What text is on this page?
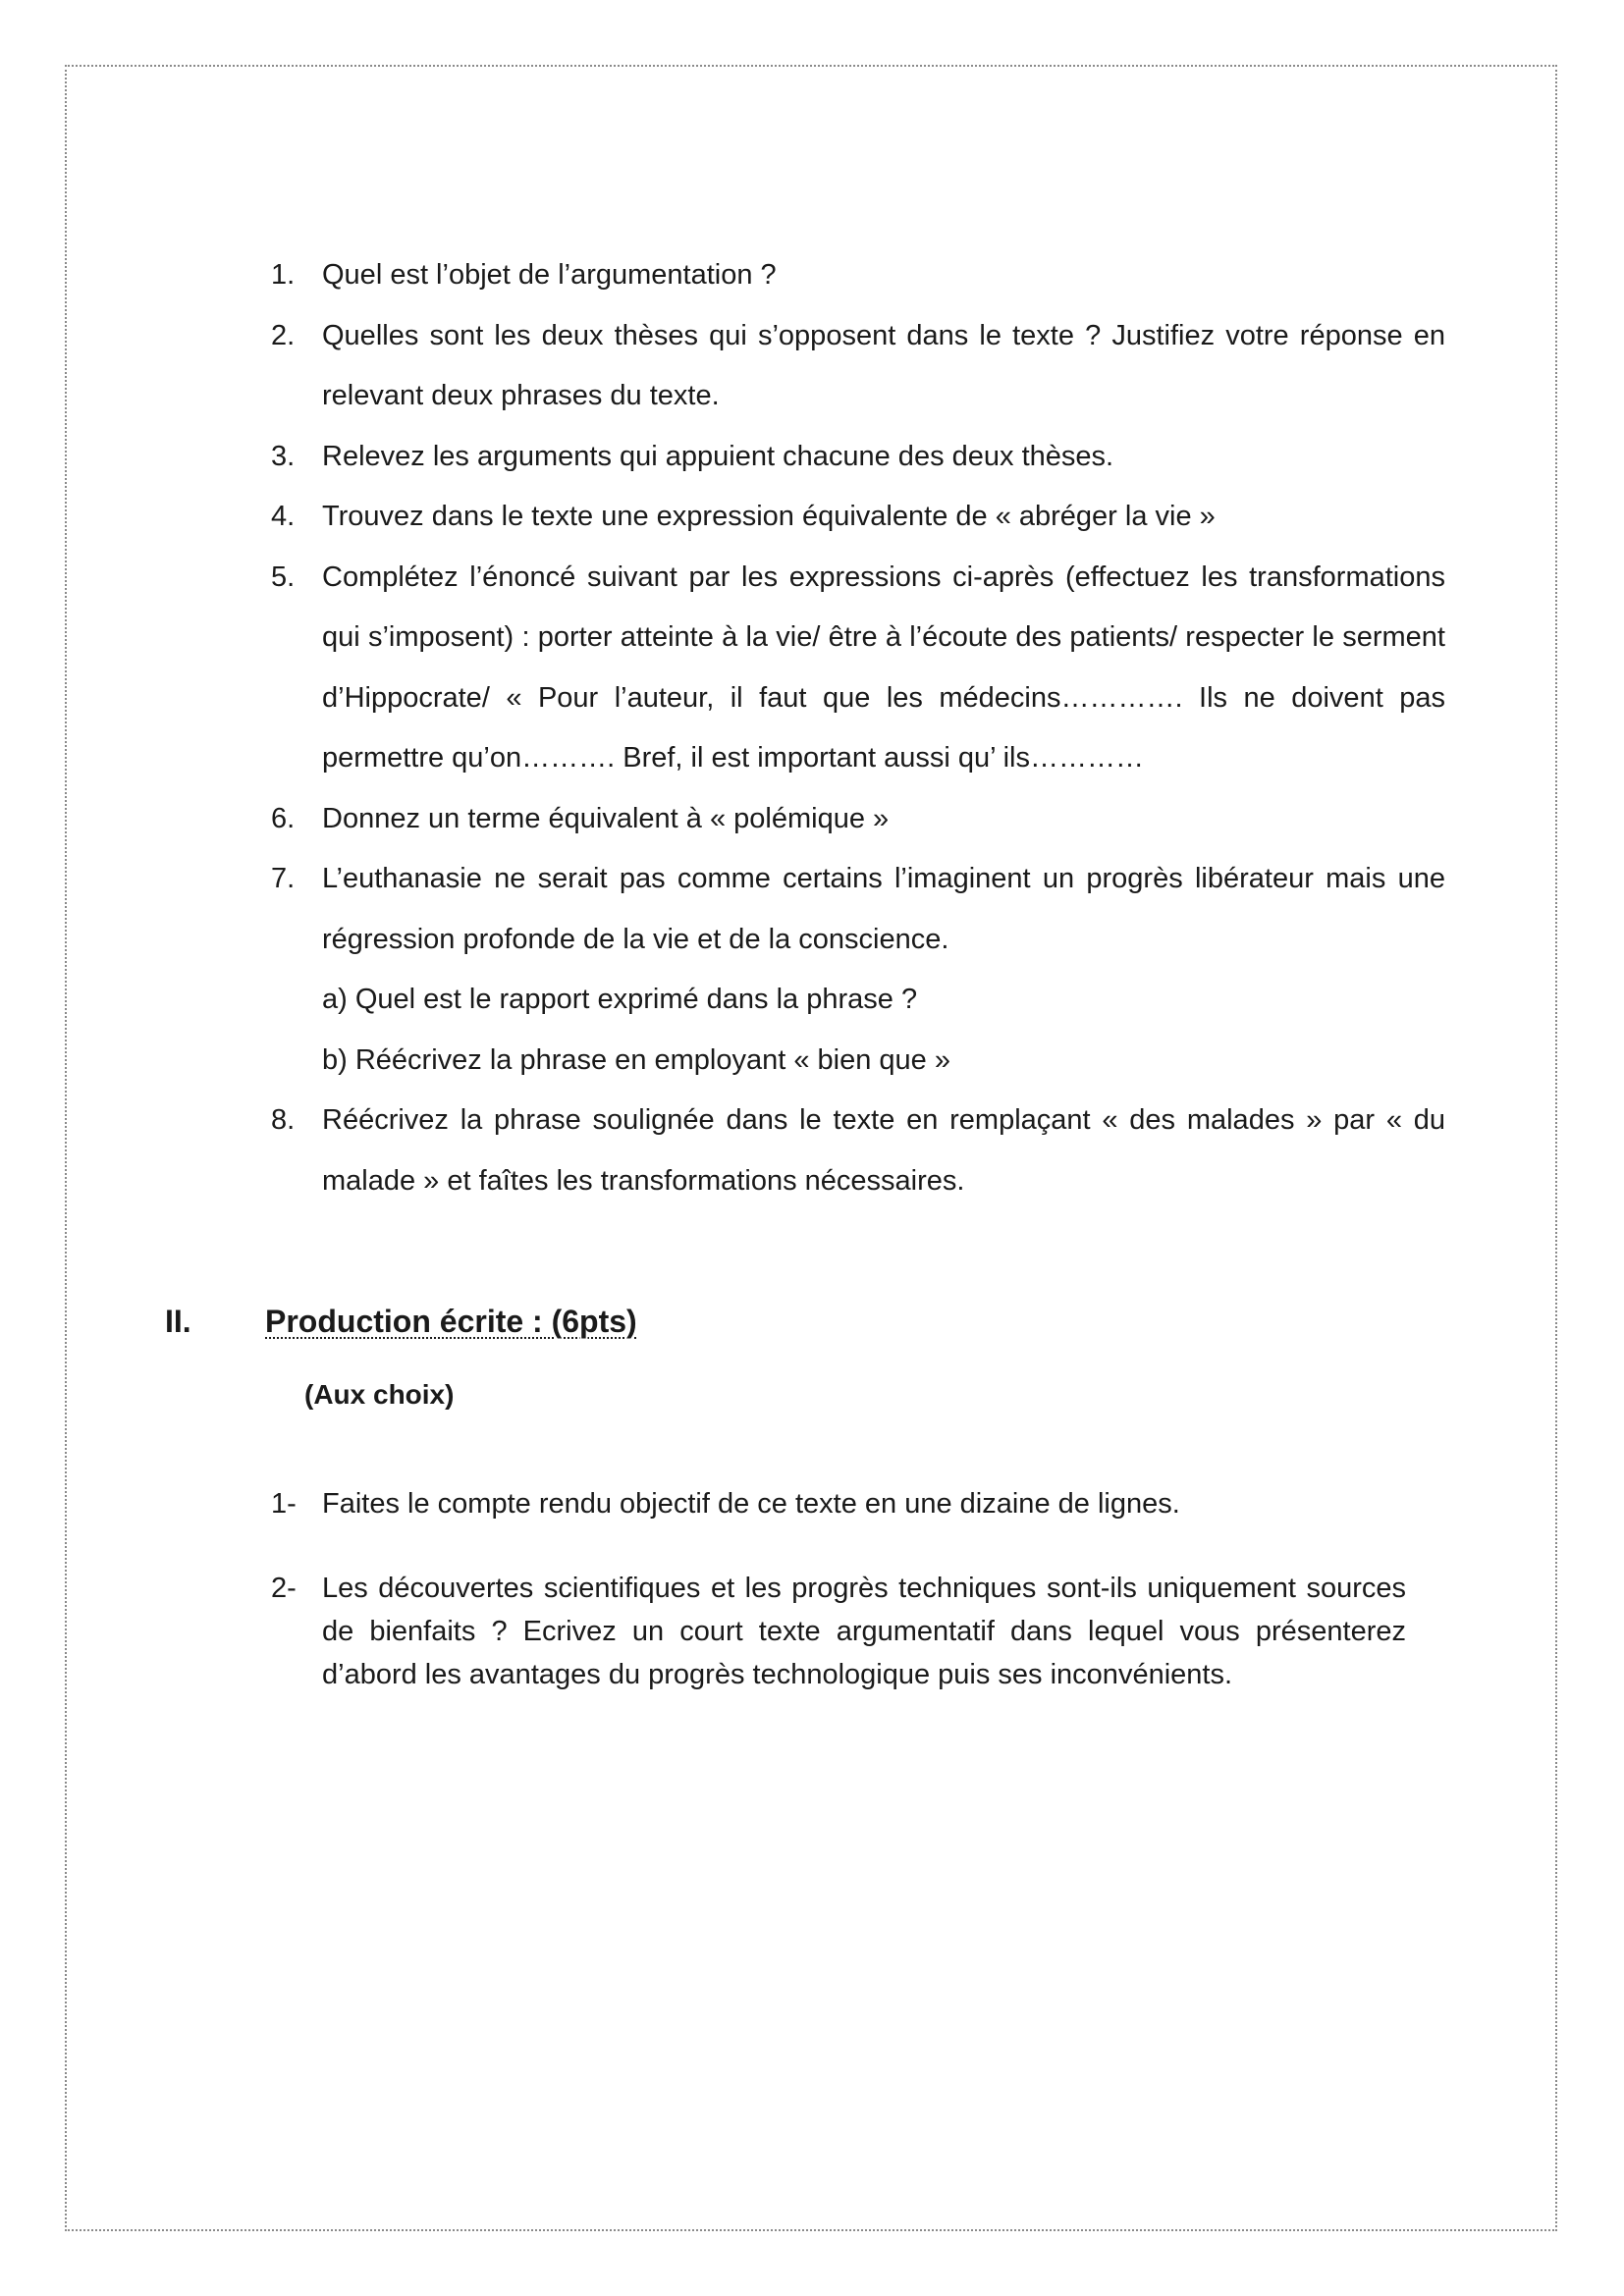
1. Quel est l’objet de l’argumentation ?
2. Quelles sont les deux thèses qui s’opposent dans le texte ? Justifiez votre réponse en relevant deux phrases du texte.
3. Relevez les arguments qui appuient chacune des deux thèses.
4. Trouvez dans le texte une expression équivalente de « abréger la vie »
5. Complétez l’énoncé suivant par les expressions ci-après (effectuez les transformations qui s’imposent) : porter atteinte à la vie/ être à l’écoute des patients/ respecter le serment d’Hippocrate/ « Pour l’auteur, il faut que les médecins…………. Ils ne doivent pas permettre qu’on………. Bref, il est important aussi qu’ ils…………
6. Donnez un terme équivalent à « polémique »
7. L’euthanasie ne serait pas comme certains l’imaginent un progrès libérateur mais une régression profonde de la vie et de la conscience.
a) Quel est le rapport exprimé dans la phrase ?
b) Réécrivez la phrase en employant « bien que »
8. Réécrivez la phrase soulignée dans le texte en remplaçant « des malades » par « du malade » et faîtes les transformations nécessaires.
II.	Production écrite : (6pts)
(Aux choix)
1- Faites le compte rendu objectif de ce texte en une dizaine de lignes.
2- Les découvertes scientifiques et les progrès techniques sont-ils uniquement sources de bienfaits ? Ecrivez un court texte argumentatif dans lequel vous présenterez d’abord les avantages du progrès technologique puis ses inconvénients.
